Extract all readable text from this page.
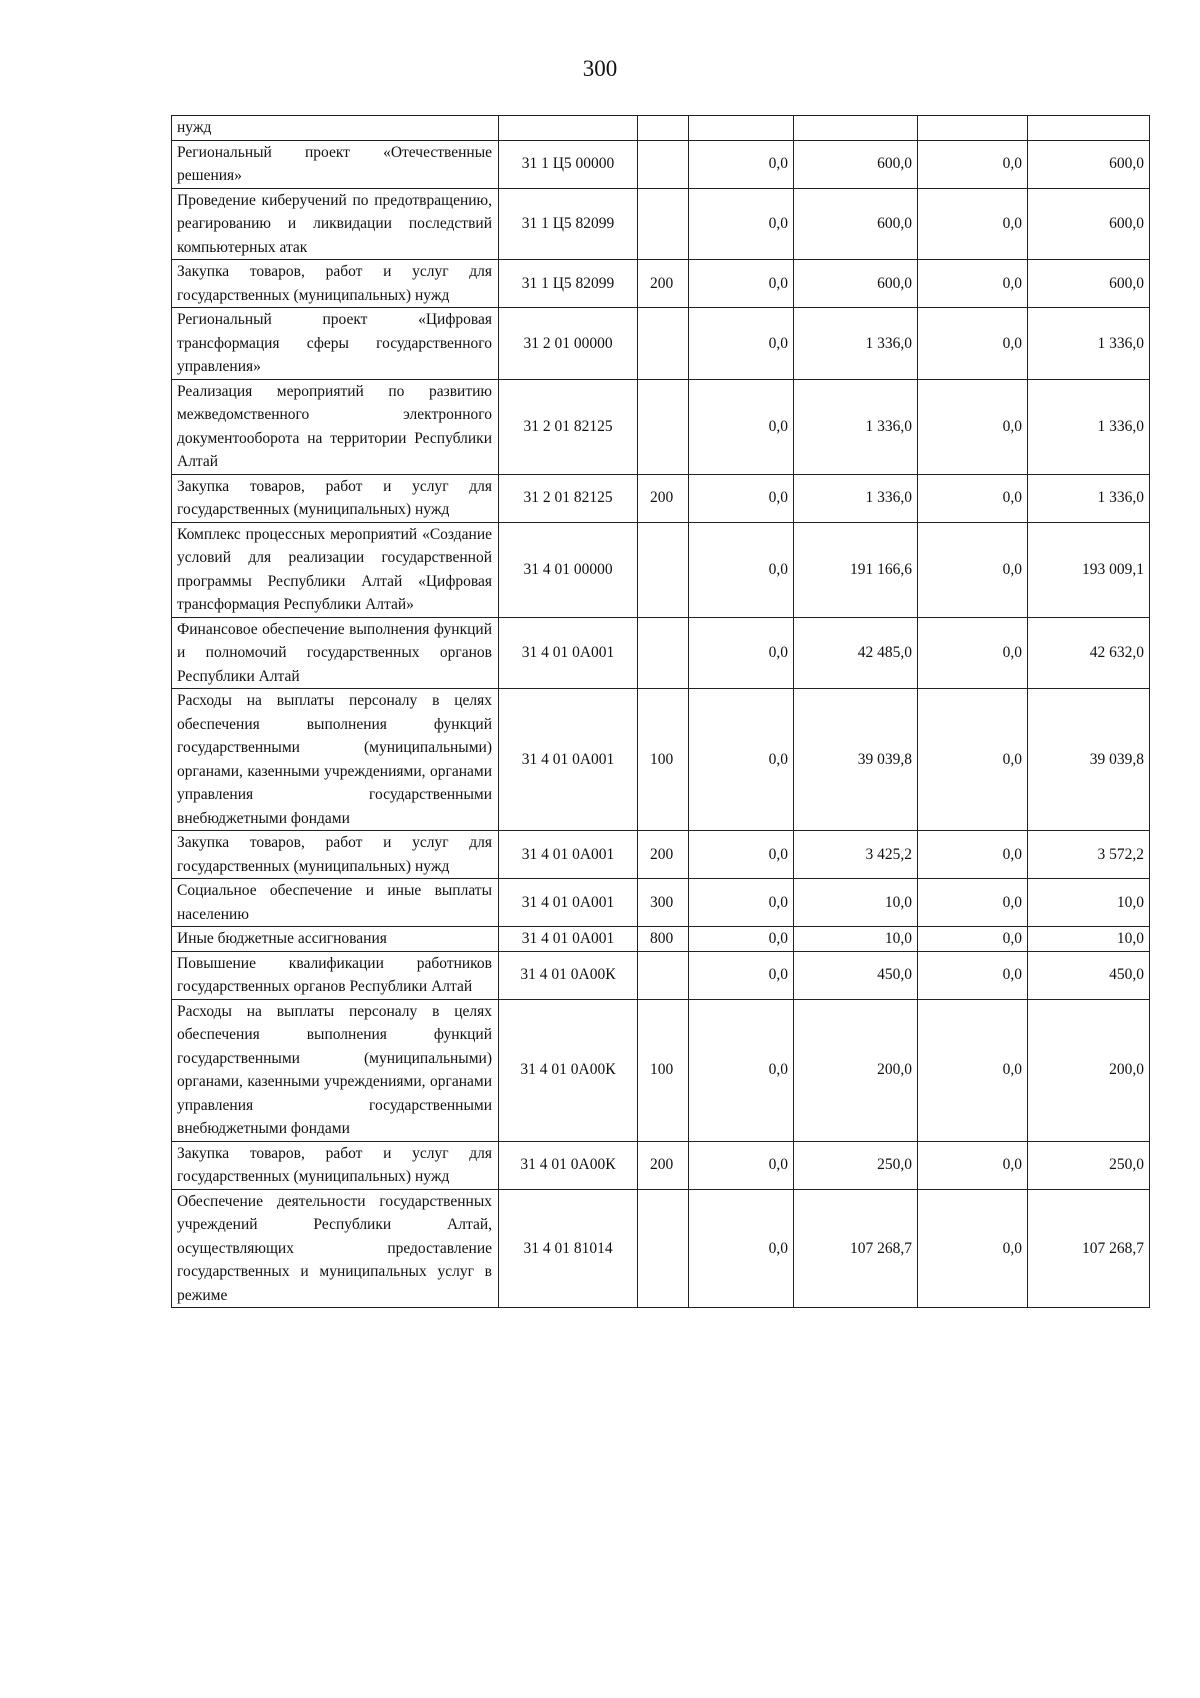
300
нужд						
Региональный проект «Отечественные решения»	31 1 Ц5 00000		0,0	600,0	0,0	600,0
Проведение киберучений по предотвращению, реагированию и ликвидации последствий компьютерных атак	31 1 Ц5 82099		0,0	600,0	0,0	600,0
Закупка товаров, работ и услуг для государственных (муниципальных) нужд	31 1 Ц5 82099	200	0,0	600,0	0,0	600,0
Региональный проект «Цифровая трансформация сферы государственного управления»	31 2 01 00000		0,0	1 336,0	0,0	1 336,0
Реализация мероприятий по развитию межведомственного электронного документооборота на территории Республики Алтай	31 2 01 82125		0,0	1 336,0	0,0	1 336,0
Закупка товаров, работ и услуг для государственных (муниципальных) нужд	31 2 01 82125	200	0,0	1 336,0	0,0	1 336,0
Комплекс процессных мероприятий «Создание условий для реализации государственной программы Республики Алтай «Цифровая трансформация Республики Алтай»	31 4 01 00000		0,0	191 166,6	0,0	193 009,1
Финансовое обеспечение выполнения функций и полномочий государственных органов Республики Алтай	31 4 01 0А001		0,0	42 485,0	0,0	42 632,0
Расходы на выплаты персоналу в целях обеспечения выполнения функций государственными (муниципальными) органами, казенными учреждениями, органами управления государственными внебюджетными фондами	31 4 01 0А001	100	0,0	39 039,8	0,0	39 039,8
Закупка товаров, работ и услуг для государственных (муниципальных) нужд	31 4 01 0А001	200	0,0	3 425,2	0,0	3 572,2
Социальное обеспечение и иные выплаты населению	31 4 01 0А001	300	0,0	10,0	0,0	10,0
Иные бюджетные ассигнования	31 4 01 0А001	800	0,0	10,0	0,0	10,0
Повышение квалификации работников государственных органов Республики Алтай	31 4 01 0А00К		0,0	450,0	0,0	450,0
Расходы на выплаты персоналу в целях обеспечения выполнения функций государственными (муниципальными) органами, казенными учреждениями, органами управления государственными внебюджетными фондами	31 4 01 0А00К	100	0,0	200,0	0,0	200,0
Закупка товаров, работ и услуг для государственных (муниципальных) нужд	31 4 01 0А00К	200	0,0	250,0	0,0	250,0
Обеспечение деятельности государственных учреждений Республики Алтай, осуществляющих предоставление государственных и муниципальных услуг в режиме	31 4 01 81014		0,0	107 268,7	0,0	107 268,7
